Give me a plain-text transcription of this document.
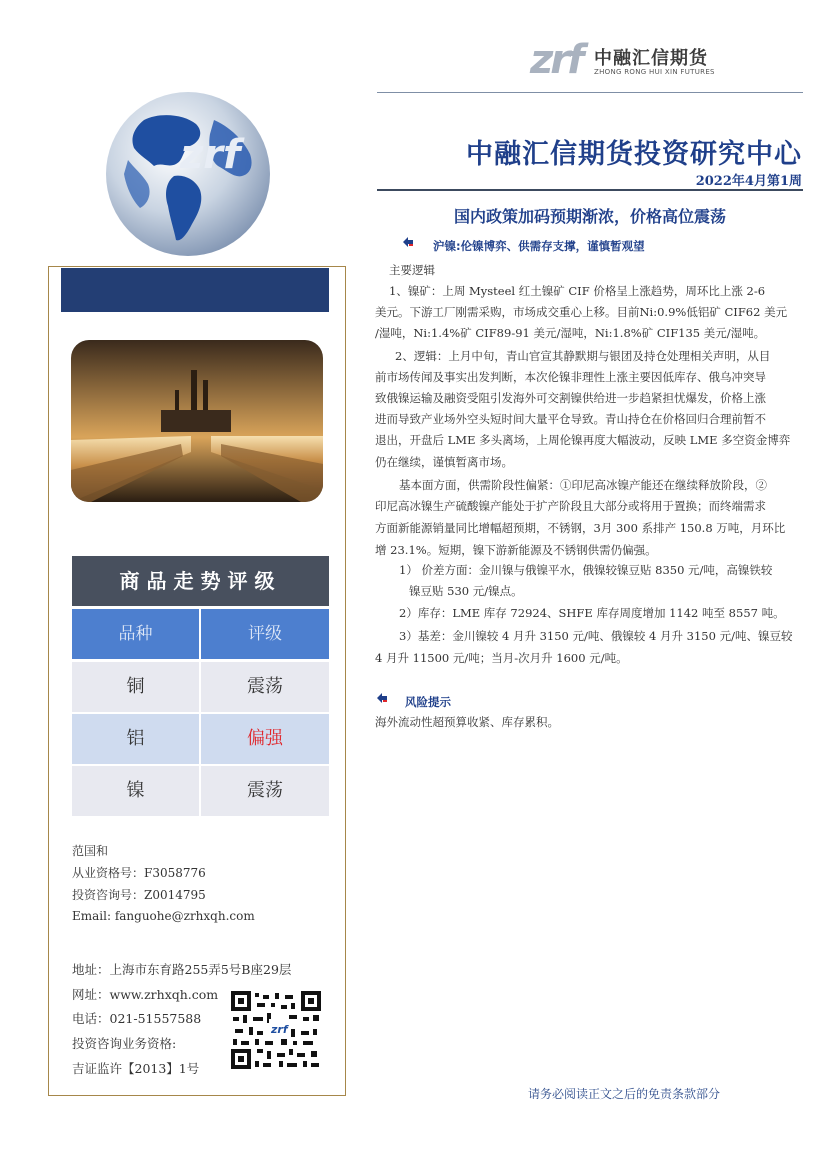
zrf 中融汇信期货
ZHONG RONG HUI XIN FUTURES
zrf	中融汇信期货投资研究中心
2022年4月第1周
国内政策加码预期渐浓，价格高位震荡
商品走势评级
品种	评级
铜	震荡
铝	偏强
镍	震荡
范国和
从业资格号：F3058776
投资咨询号：Z0014795
Email: fanguohe@zrhxqh.com
地址：上海市东育路255弄5号B座29层
网址：www.zrhxqh.com
电话：021-51557588
投资咨询业务资格:
吉证监许【2013】1号
zrf
沪镍:伦镍博弈、供需存支撑，谨慎暂观望
主要逻辑
1、镍矿：上周 Mysteel 红土镍矿 CIF 价格呈上涨趋势，周环比上涨 2-6
美元。下游工厂刚需采购，市场成交重心上移。目前Ni:0.9%低铝矿 CIF62 美元
/湿吨，Ni:1.4%矿 CIF89-91 美元/湿吨，Ni:1.8%矿 CIF135 美元/湿吨。
2、逻辑：上月中旬，青山官宣其静默期与银团及持仓处理相关声明，从目
前市场传闻及事实出发判断，本次伦镍非理性上涨主要因低库存、俄乌冲突导
致俄镍运输及融资受阻引发海外可交割镍供给进一步趋紧担忧爆发，价格上涨
进而导致产业场外空头短时间大量平仓导致。青山持仓在价格回归合理前暂不
退出，开盘后 LME 多头离场，上周伦镍再度大幅波动，反映 LME 多空资金博弈
仍在继续，谨慎暂离市场。
基本面方面，供需阶段性偏紧：①印尼高冰镍产能还在继续释放阶段，②
印尼高冰镍生产硫酸镍产能处于扩产阶段且大部分或将用于置换；而终端需求
方面新能源销量同比增幅超预期，不锈钢，3月 300 系排产 150.8 万吨，月环比
增 23.1%。短期，镍下游新能源及不锈钢供需仍偏强。
1） 价差方面：金川镍与俄镍平水，俄镍较镍豆贴 8350 元/吨，高镍铁较
镍豆贴 530 元/镍点。
2）库存：LME 库存 72924、SHFE 库存周度增加 1142 吨至 8557 吨。
3）基差：金川镍较 4 月升 3150 元/吨、俄镍较 4 月升 3150 元/吨、镍豆较
4 月升 11500 元/吨；当月-次月升 1600 元/吨。
风险提示
海外流动性超预算收紧、库存累积。
请务必阅读正文之后的免责条款部分
